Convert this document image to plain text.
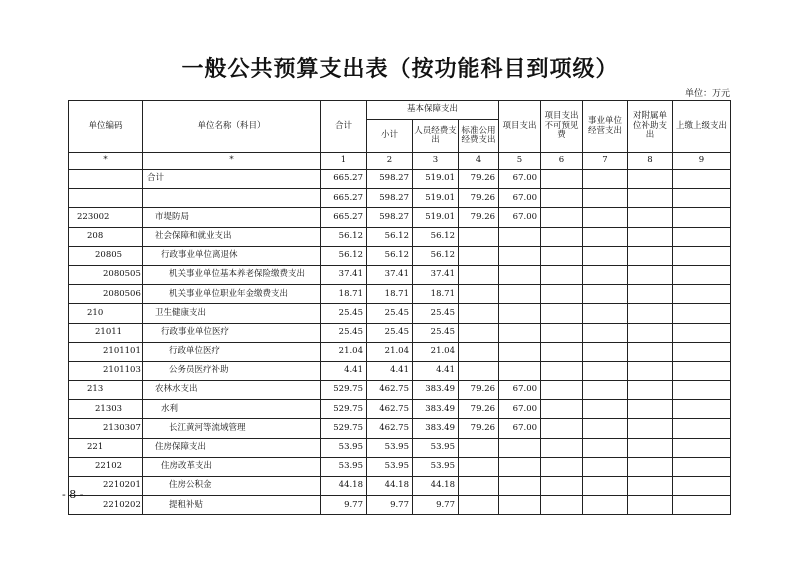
一般公共预算支出表（按功能科目到项级）
单位：万元
单位编码	单位名称（科目）	合计	基本保障支出			项目支出	项目支出不可预见费	事业单位经营支出	对附属单位补助支出	上缴上级支出
			小计	人员经费支出	标准公用经费支出					
*	*	1	2	3	4	5	6	7	8	9
	合计	665.27	598.27	519.01	79.26	67.00				
		665.27	598.27	519.01	79.26	67.00				
223002	市堤防局	665.27	598.27	519.01	79.26	67.00				
208	社会保障和就业支出	56.12	56.12	56.12						
20805	行政事业单位离退休	56.12	56.12	56.12						
2080505	机关事业单位基本养老保险缴费支出	37.41	37.41	37.41						
2080506	机关事业单位职业年金缴费支出	18.71	18.71	18.71						
210	卫生健康支出	25.45	25.45	25.45						
21011	行政事业单位医疗	25.45	25.45	25.45						
2101101	行政单位医疗	21.04	21.04	21.04						
2101103	公务员医疗补助	4.41	4.41	4.41						
213	农林水支出	529.75	462.75	383.49	79.26	67.00				
21303	水利	529.75	462.75	383.49	79.26	67.00				
2130307	长江黄河等流域管理	529.75	462.75	383.49	79.26	67.00				
221	住房保障支出	53.95	53.95	53.95						
22102	住房改革支出	53.95	53.95	53.95						
2210201	住房公积金	44.18	44.18	44.18						
2210202	提租补贴	9.77	9.77	9.77						
- 8 -
